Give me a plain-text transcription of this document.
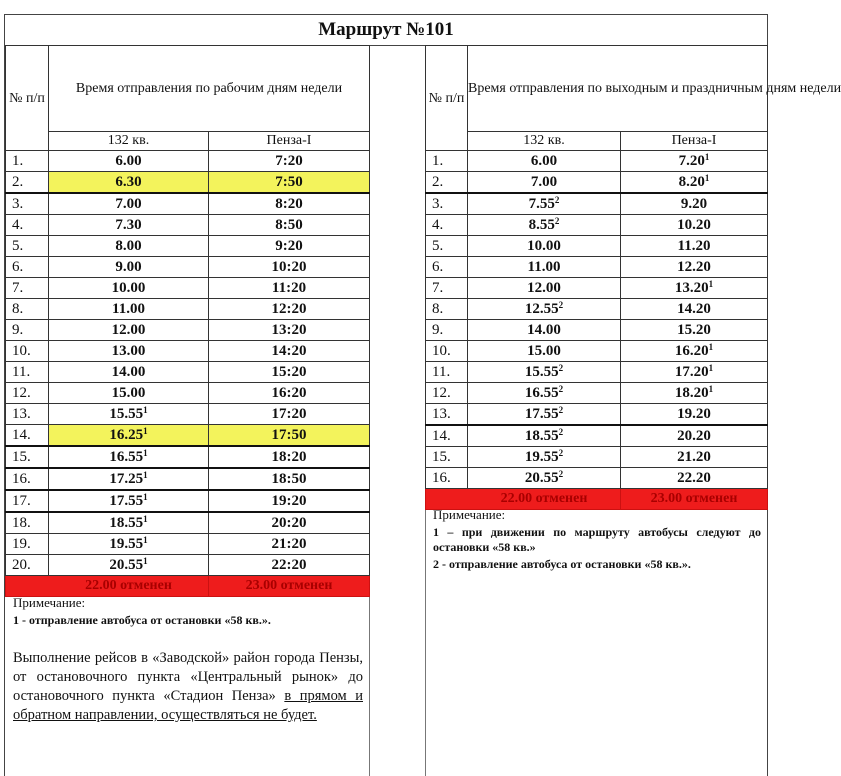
Маршрут №101
№ п/п	Время отправления по рабочим дням недели	
	132 кв.	Пенза-I
1.	6.00	7:20
2.	6.30	7:50
3.	7.00	8:20
4.	7.30	8:50
5.	8.00	9:20
6.	9.00	10:20
7.	10.00	11:20
8.	11.00	12:20
9.	12.00	13:20
10.	13.00	14:20
11.	14.00	15:20
12.	15.00	16:20
13.	15.55$^1$	17:20
14.	16.25$^1$	17:50
15.	16.55$^1$	18:20
16.	17.25$^1$	18:50
17.	17.55$^1$	19:20
18.	18.55$^1$	20:20
19.	19.55$^1$	21:20
20.	20.55$^1$	22:20
	22.00 отменен	23.00 отменен
№ п/п	Время отправления по выходным и праздничным дням недели	
	132 кв.	Пенза-I
1.	6.00	7.20$^1$
2.	7.00	8.20$^1$
3.	7.55$^2$	9.20
4.	8.55$^2$	10.20
5.	10.00	11.20
6.	11.00	12.20
7.	12.00	13.20$^1$
8.	12.55$^2$	14.20
9.	14.00	15.20
10.	15.00	16.20$^1$
11.	15.55$^2$	17.20$^1$
12.	16.55$^2$	18.20$^1$
13.	17.55$^2$	19.20
14.	18.55$^2$	20.20
15.	19.55$^2$	21.20
16.	20.55$^2$	22.20
	22.00 отменен	23.00 отменен
Примечание:
1 - отправление автобуса от остановки «58 кв.».
Выполнение рейсов в «Заводской» район города Пензы, от остановочного пункта «Центральный рынок» до остановочного пункта «Стадион Пенза» в прямом и обратном направлении, осуществляться не будет.
Примечание:
1 – при движении по маршруту автобусы следуют до остановки «58 кв.»
2 - отправление автобуса от остановки «58 кв.».
